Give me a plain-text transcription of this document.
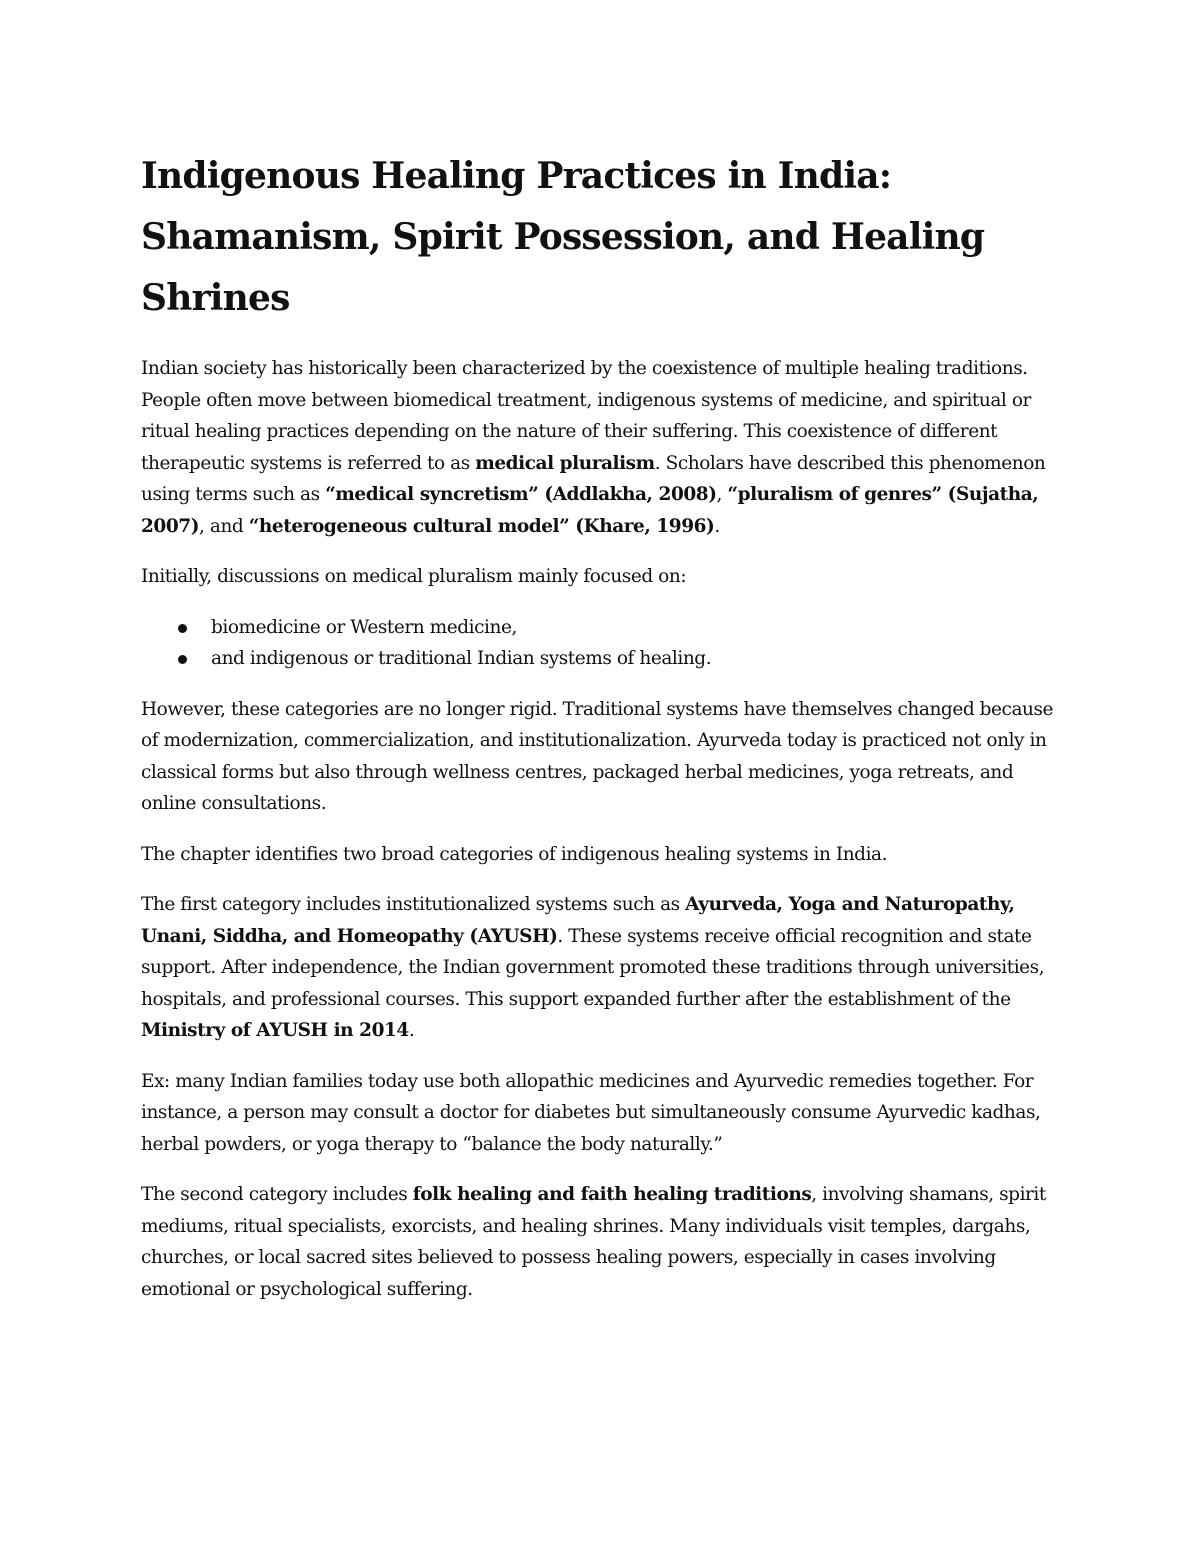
Indigenous Healing Practices in India: Shamanism, Spirit Possession, and Healing Shrines

Indian society has historically been characterized by the coexistence of multiple healing traditions. People often move between biomedical treatment, indigenous systems of medicine, and spiritual or ritual healing practices depending on the nature of their suffering. This coexistence of different therapeutic systems is referred to as medical pluralism. Scholars have described this phenomenon using terms such as “medical syncretism” (Addlakha, 2008), “pluralism of genres” (Sujatha, 2007), and “heterogeneous cultural model” (Khare, 1996).

Initially, discussions on medical pluralism mainly focused on:

biomedicine or Western medicine,
and indigenous or traditional Indian systems of healing.

However, these categories are no longer rigid. Traditional systems have themselves changed because of modernization, commercialization, and institutionalization. Ayurveda today is practiced not only in classical forms but also through wellness centres, packaged herbal medicines, yoga retreats, and online consultations.

The chapter identifies two broad categories of indigenous healing systems in India.

The first category includes institutionalized systems such as Ayurveda, Yoga and Naturopathy, Unani, Siddha, and Homeopathy (AYUSH). These systems receive official recognition and state support. After independence, the Indian government promoted these traditions through universities, hospitals, and professional courses. This support expanded further after the establishment of the Ministry of AYUSH in 2014.

Ex: many Indian families today use both allopathic medicines and Ayurvedic remedies together. For instance, a person may consult a doctor for diabetes but simultaneously consume Ayurvedic kadhas, herbal powders, or yoga therapy to “balance the body naturally.”

The second category includes folk healing and faith healing traditions, involving shamans, spirit mediums, ritual specialists, exorcists, and healing shrines. Many individuals visit temples, dargahs, churches, or local sacred sites believed to possess healing powers, especially in cases involving emotional or psychological suffering.
